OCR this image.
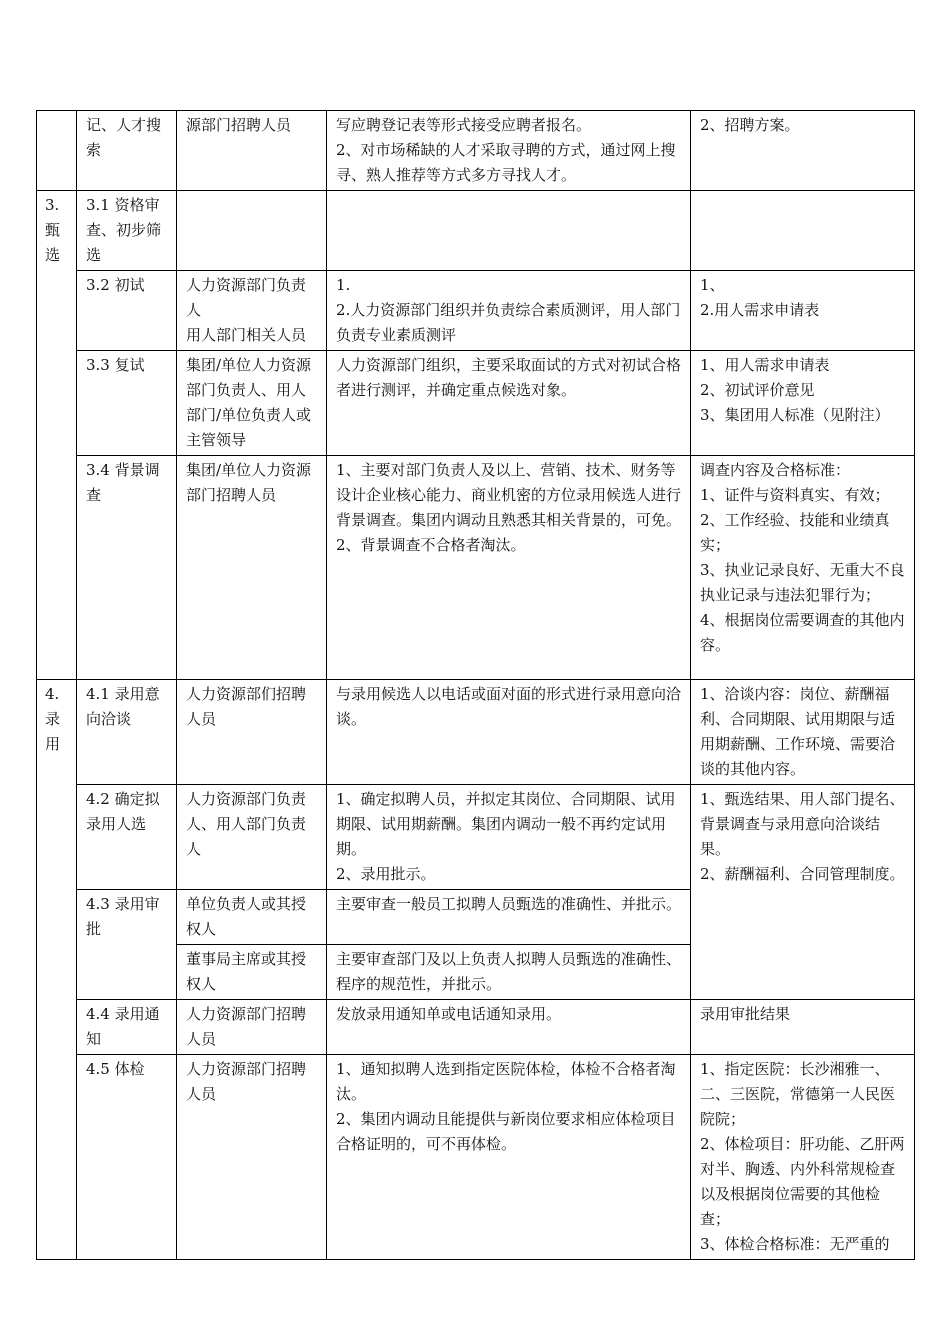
	记、人才搜索	源部门招聘人员	写应聘登记表等形式接受应聘者报名。
2、对市场稀缺的人才采取寻聘的方式，通过网上搜寻、熟人推荐等方式多方寻找人才。	2、招聘方案。

3.甄选	3.1 资格审查、初步筛选			

	3.2 初试	人力资源部门负责人
用人部门相关人员	1.
2.人力资源部门组织并负责综合素质测评，用人部门负责专业素质测评	1、
2.用人需求申请表

	3.3 复试	集团/单位人力资源部门负责人、用人部门/单位负责人或主管领导	人力资源部门组织，主要采取面试的方式对初试合格者进行测评，并确定重点候选对象。	1、用人需求申请表
2、初试评价意见
3、集团用人标准（见附注）

	3.4 背景调查	集团/单位人力资源部门招聘人员	1、主要对部门负责人及以上、营销、技术、财务等设计企业核心能力、商业机密的方位录用候选人进行背景调查。集团内调动且熟悉其相关背景的，可免。
2、背景调查不合格者淘汰。	调查内容及合格标准：
1、证件与资料真实、有效；
2、工作经验、技能和业绩真实；
3、执业记录良好、无重大不良执业记录与违法犯罪行为；
4、根据岗位需要调查的其他内容。

4.录用	4.1 录用意向洽谈	人力资源部们招聘人员	与录用候选人以电话或面对面的形式进行录用意向洽谈。	1、洽谈内容：岗位、薪酬福利、合同期限、试用期限与适用期薪酬、工作环境、需要洽谈的其他内容。

	4.2 确定拟录用人选	人力资源部门负责人、用人部门负责人	1、确定拟聘人员，并拟定其岗位、合同期限、试用期限、试用期薪酬。集团内调动一般不再约定试用期。
2、录用批示。	1、甄选结果、用人部门提名、背景调查与录用意向洽谈结果。
2、薪酬福利、合同管理制度。

	4.3 录用审批	单位负责人或其授权人	主要审查一般员工拟聘人员甄选的准确性、并批示。	

		董事局主席或其授权人	主要审查部门及以上负责人拟聘人员甄选的准确性、程序的规范性，并批示。	

	4.4 录用通知	人力资源部门招聘人员	发放录用通知单或电话通知录用。	录用审批结果

	4.5 体检	人力资源部门招聘人员	1、通知拟聘人选到指定医院体检，体检不合格者淘汰。
2、集团内调动且能提供与新岗位要求相应体检项目合格证明的，可不再体检。	1、指定医院：长沙湘雅一、二、三医院，常德第一人民医院院；
2、体检项目：肝功能、乙肝两对半、胸透、内外科常规检查以及根据岗位需要的其他检查；
3、体检合格标准：无严重的
